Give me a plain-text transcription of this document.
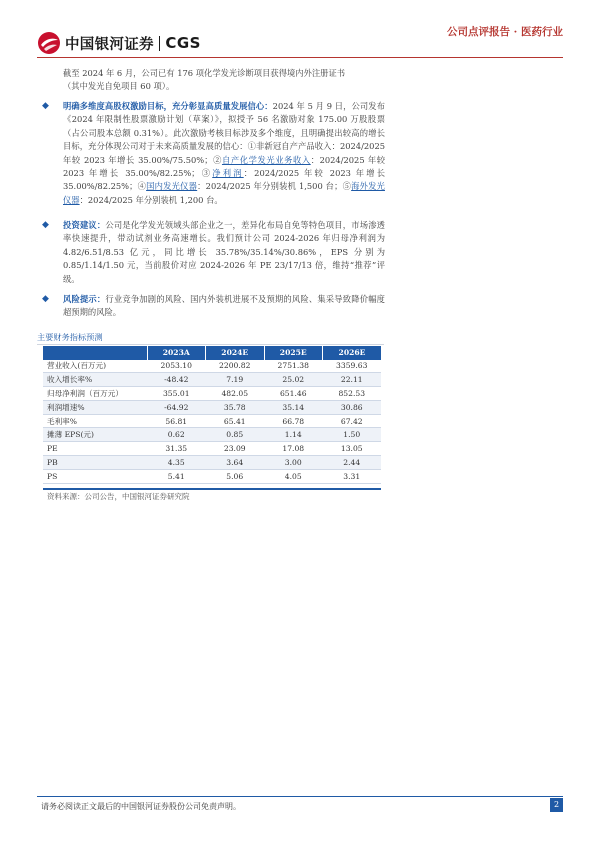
中国银河证券 CGS
公司点评报告 · 医药行业
截至 2024 年 6 月，公司已有 176 项化学发光诊断项目获得境内外注册证书
（其中发光自免项目 60 项）。
◆ 明确多维度高股权激励目标，充分彰显高质量发展信心：2024 年 5 月 9 日，公司发布《2024 年限制性股票激励计划（草案）》，拟授予 56 名激励对象 175.00 万股股票（占公司股本总额 0.31%）。此次激励考核目标涉及多个维度，且明确提出较高的增长目标，充分体现公司对于未来高质量发展的信心：①非新冠自产产品收入：2024/2025 年较 2023 年增长 35.00%/75.50%；②自产化学发光业务收入：2024/2025 年较 2023 年增长 35.00%/82.25%；③净利润：2024/2025 年较 2023 年增长 35.00%/82.25%；④国内发光仪器：2024/2025 年分别装机 1,500 台；⑤海外发光仪器：2024/2025 年分别装机 1,200 台。
◆ 投资建议：公司是化学发光领域头部企业之一，差异化布局自免等特色项目，市场渗透率快速提升，带动试剂业务高速增长。我们预计公司 2024-2026 年归母净利润为 4.82/6.51/8.53 亿元，同比增长 35.78%/35.14%/30.86%，EPS 分别为 0.85/1.14/1.50 元，当前股价对应 2024-2026 年 PE 23/17/13 倍，维持“推荐”评级。
◆ 风险提示：行业竞争加剧的风险、国内外装机进展不及预期的风险、集采导致降价幅度超预期的风险。
主要财务指标预测
	2023A	2024E	2025E	2026E
营业收入(百万元)	2053.10	2200.82	2751.38	3359.63
收入增长率%	-48.42	7.19	25.02	22.11
归母净利润（百万元）	355.01	482.05	651.46	852.53
利润增速%	-64.92	35.78	35.14	30.86
毛利率%	56.81	65.41	66.78	67.42
摊薄 EPS(元)	0.62	0.85	1.14	1.50
PE	31.35	23.09	17.08	13.05
PB	4.35	3.64	3.00	2.44
PS	5.41	5.06	4.05	3.31
资料来源：公司公告，中国银河证券研究院
请务必阅读正文最后的中国银河证券股份公司免责声明。	2
